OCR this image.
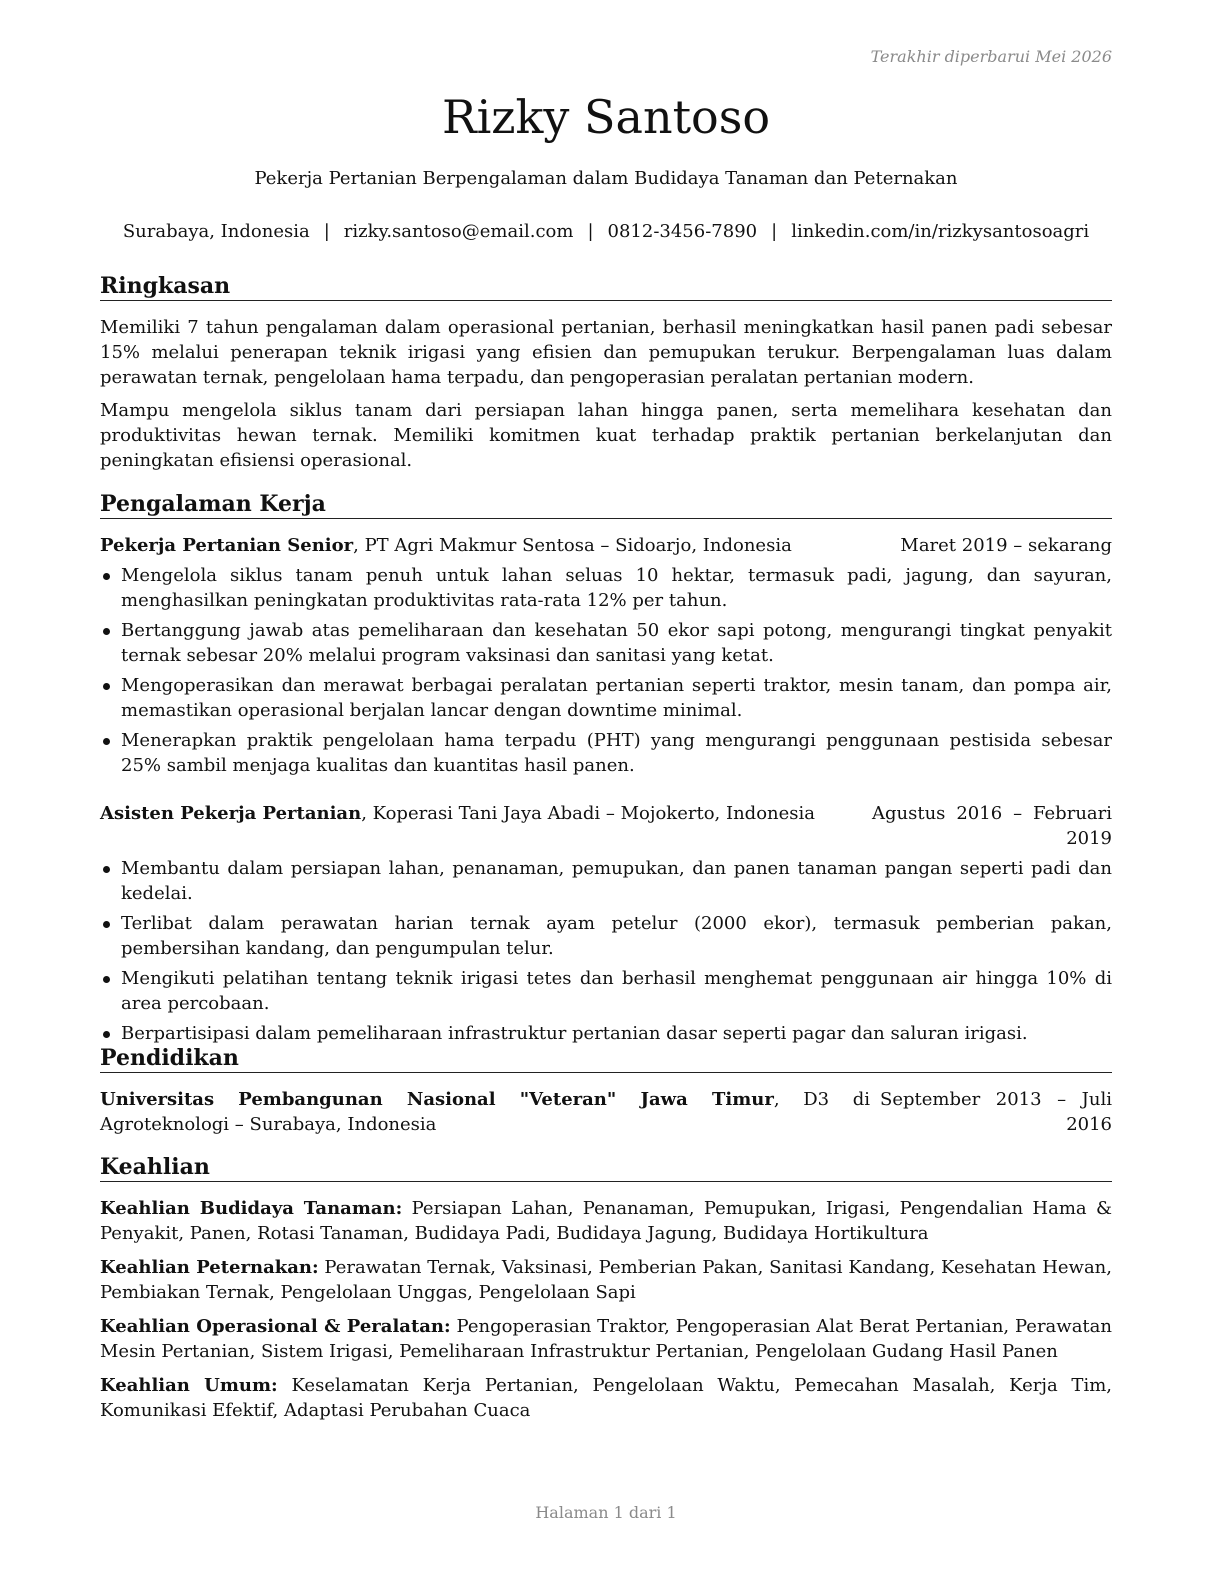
Terakhir diperbarui Mei 2026
Rizky Santoso
Pekerja Pertanian Berpengalaman dalam Budidaya Tanaman dan Peternakan
Surabaya, Indonesia | rizky.santoso@email.com | 0812-3456-7890 | linkedin.com/in/rizkysantosoagri
Ringkasan

Memiliki 7 tahun pengalaman dalam operasional pertanian, berhasil meningkatkan hasil panen padi sebesar 15% melalui penerapan teknik irigasi yang efisien dan pemupukan terukur. Berpengalaman luas dalam perawatan ternak, pengelolaan hama terpadu, dan pengoperasian peralatan pertanian modern.

Mampu mengelola siklus tanam dari persiapan lahan hingga panen, serta memelihara kesehatan dan produktivitas hewan ternak. Memiliki komitmen kuat terhadap praktik pertanian berkelanjutan dan peningkatan efisiensi operasional.

Pengalaman Kerja
Pekerja Pertanian Senior, PT Agri Makmur Sentosa – Sidoarjo, Indonesia	Maret 2019 – sekarang
Mengelola siklus tanam penuh untuk lahan seluas 10 hektar, termasuk padi, jagung, dan sayuran, menghasilkan peningkatan produktivitas rata-rata 12% per tahun.
Bertanggung jawab atas pemeliharaan dan kesehatan 50 ekor sapi potong, mengurangi tingkat penyakit ternak sebesar 20% melalui program vaksinasi dan sanitasi yang ketat.
Mengoperasikan dan merawat berbagai peralatan pertanian seperti traktor, mesin tanam, dan pompa air, memastikan operasional berjalan lancar dengan downtime minimal.
Menerapkan praktik pengelolaan hama terpadu (PHT) yang mengurangi penggunaan pestisida sebesar 25% sambil menjaga kualitas dan kuantitas hasil panen.
Asisten Pekerja Pertanian, Koperasi Tani Jaya Abadi – Mojokerto, Indonesia	Agustus 2016 – Februari 2019
Membantu dalam persiapan lahan, penanaman, pemupukan, dan panen tanaman pangan seperti padi dan kedelai.
Terlibat dalam perawatan harian ternak ayam petelur (2000 ekor), termasuk pemberian pakan, pembersihan kandang, dan pengumpulan telur.
Mengikuti pelatihan tentang teknik irigasi tetes dan berhasil menghemat penggunaan air hingga 10% di area percobaan.
Berpartisipasi dalam pemeliharaan infrastruktur pertanian dasar seperti pagar dan saluran irigasi.
Pendidikan
Universitas Pembangunan Nasional "Veteran" Jawa Timur, D3 di Agroteknologi – Surabaya, Indonesia
September 2013 – Juli 2016
Keahlian

Keahlian Budidaya Tanaman: Persiapan Lahan, Penanaman, Pemupukan, Irigasi, Pengendalian Hama & Penyakit, Panen, Rotasi Tanaman, Budidaya Padi, Budidaya Jagung, Budidaya Hortikultura

Keahlian Peternakan: Perawatan Ternak, Vaksinasi, Pemberian Pakan, Sanitasi Kandang, Kesehatan Hewan, Pembiakan Ternak, Pengelolaan Unggas, Pengelolaan Sapi

Keahlian Operasional & Peralatan: Pengoperasian Traktor, Pengoperasian Alat Berat Pertanian, Perawatan Mesin Pertanian, Sistem Irigasi, Pemeliharaan Infrastruktur Pertanian, Pengelolaan Gudang Hasil Panen

Keahlian Umum: Keselamatan Kerja Pertanian, Pengelolaan Waktu, Pemecahan Masalah, Kerja Tim, Komunikasi Efektif, Adaptasi Perubahan Cuaca

Halaman 1 dari 1
